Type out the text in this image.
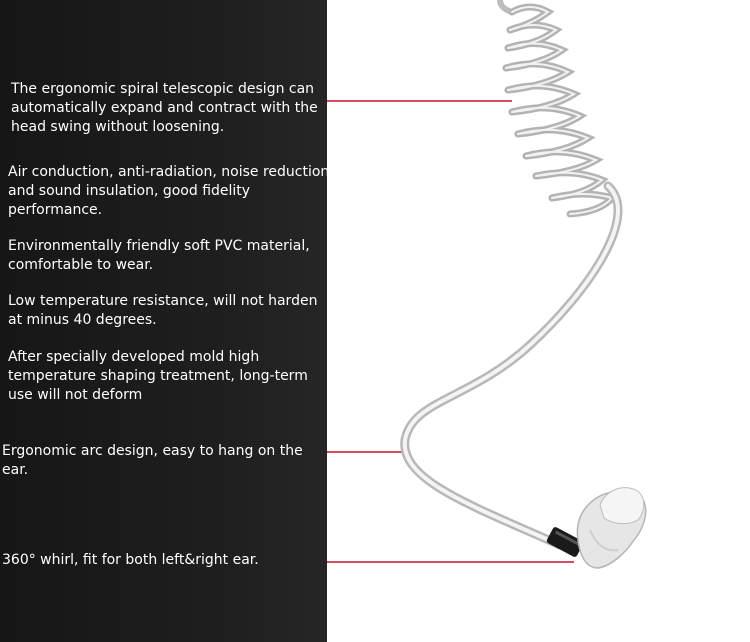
The ergonomic spiral telescopic design can
automatically expand and contract with the
head swing without loosening.

Air conduction, anti-radiation, noise reduction
and sound insulation, good fidelity
performance.

Environmentally friendly soft PVC material,
comfortable to wear.

Low temperature resistance, will not harden
at minus 40 degrees.

After specially developed mold high
temperature shaping treatment, long-term
use will not deform

Ergonomic arc design, easy to hang on the ear.

360° whirl, fit for both left&right ear.
